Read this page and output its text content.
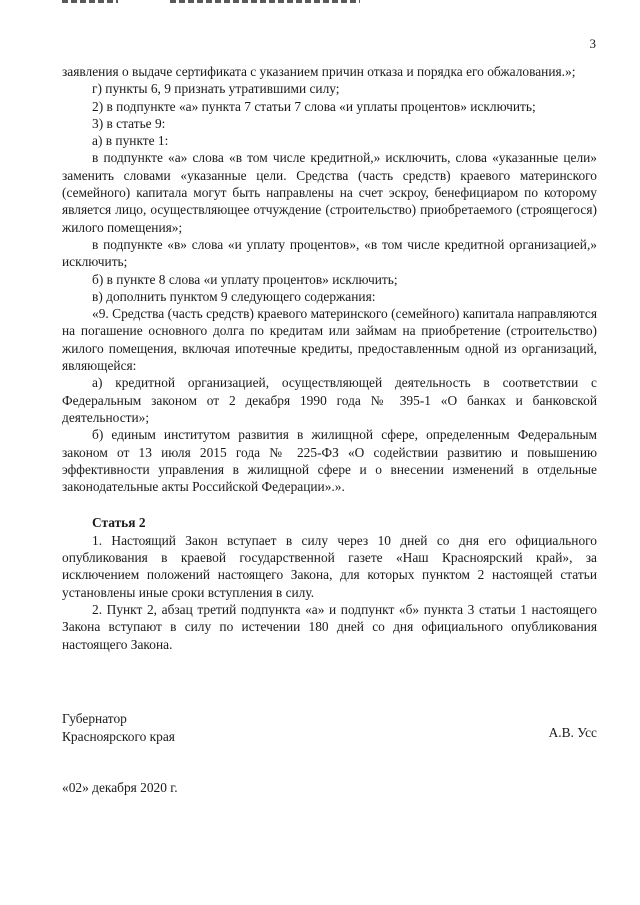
3

заявления о выдаче сертификата с указанием причин отказа и порядка его обжалования.»;

г) пункты 6, 9 признать утратившими силу;

2) в подпункте «а» пункта 7 статьи 7 слова «и уплаты процентов» исключить;

3) в статье 9:

а) в пункте 1:

в подпункте «а» слова «в том числе кредитной,» исключить, слова «указанные цели» заменить словами «указанные цели. Средства (часть средств) краевого материнского (семейного) капитала могут быть направлены на счет эскроу, бенефициаром по которому является лицо, осуществляющее отчуждение (строительство) приобретаемого (строящегося) жилого помещения»;

в подпункте «в» слова «и уплату процентов», «в том числе кредитной организацией,» исключить;

б) в пункте 8 слова «и уплату процентов» исключить;

в) дополнить пунктом 9 следующего содержания:

«9. Средства (часть средств) краевого материнского (семейного) капитала направляются на погашение основного долга по кредитам или займам на приобретение (строительство) жилого помещения, включая ипотечные кредиты, предоставленным одной из организаций, являющейся:

а) кредитной организацией, осуществляющей деятельность в соответствии с Федеральным законом от 2 декабря 1990 года № 395-1 «О банках и банковской деятельности»;

б) единым институтом развития в жилищной сфере, определенным Федеральным законом от 13 июля 2015 года № 225-ФЗ «О содействии развитию и повышению эффективности управления в жилищной сфере и о внесении изменений в отдельные законодательные акты Российской Федерации».».

Статья 2

1. Настоящий Закон вступает в силу через 10 дней со дня его официального опубликования в краевой государственной газете «Наш Красноярский край», за исключением положений настоящего Закона, для которых пунктом 2 настоящей статьи установлены иные сроки вступления в силу.

2. Пункт 2, абзац третий подпункта «а» и подпункт «б» пункта 3 статьи 1 настоящего Закона вступают в силу по истечении 180 дней со дня официального опубликования настоящего Закона.

Губернатор
Красноярского края	А.В. Усс
«02» декабря 2020 г.
